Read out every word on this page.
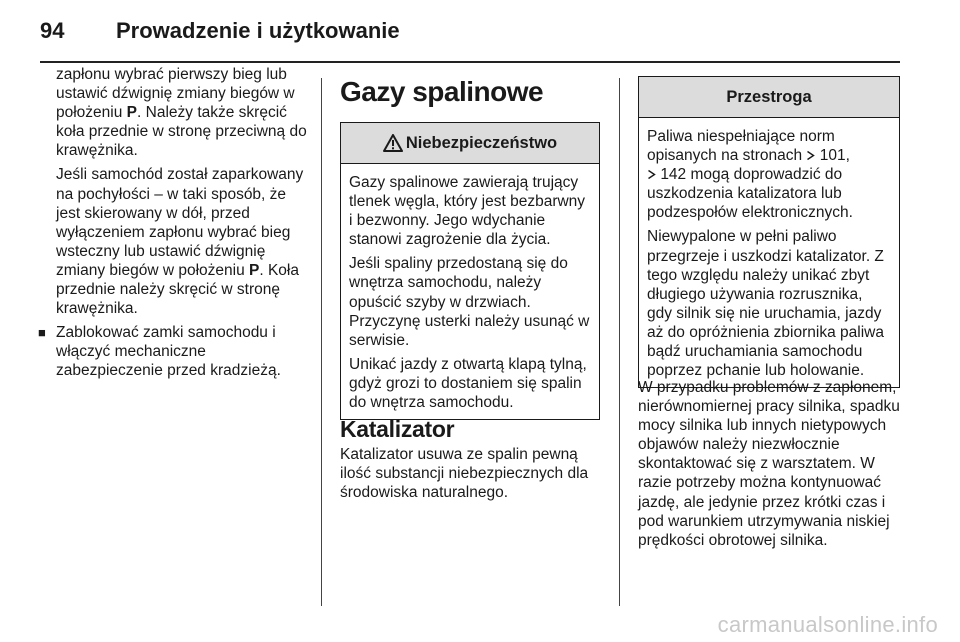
94 Prowadzenie i użytkowanie

zapłonu wybrać pierwszy bieg lub ustawić dźwignię zmiany biegów w położeniu P. Należy także skręcić koła przednie w stronę przeciwną do krawężnika.

Jeśli samochód został zaparkowany na pochyłości – w taki sposób, że jest skierowany w dół, przed wyłączeniem zapłonu wybrać bieg wsteczny lub ustawić dźwignię zmiany biegów w położeniu P. Koła przednie należy skręcić w stronę krawężnika.

■ Zablokować zamki samochodu i włączyć mechaniczne zabezpieczenie przed kradzieżą.

Gazy spalinowe
Niebezpieczeństwo

Gazy spalinowe zawierają trujący tlenek węgla, który jest bezbarwny i bezwonny. Jego wdychanie stanowi zagrożenie dla życia.

Jeśli spaliny przedostaną się do wnętrza samochodu, należy opuścić szyby w drzwiach. Przyczynę usterki należy usunąć w serwisie.

Unikać jazdy z otwartą klapą tylną, gdyż grozi to dostaniem się spalin do wnętrza samochodu.

Katalizator

Katalizator usuwa ze spalin pewną ilość substancji niebezpiecznych dla środowiska naturalnego.

Przestroga

Paliwa niespełniające norm opisanych na stronach  101,
142 mogą doprowadzić do uszkodzenia katalizatora lub podzespołów elektronicznych.

Niewypalone w pełni paliwo przegrzeje i uszkodzi katalizator. Z tego względu należy unikać zbyt długiego używania rozrusznika, gdy silnik się nie uruchamia, jazdy aż do opróżnienia zbiornika paliwa bądź uruchamiania samochodu poprzez pchanie lub holowanie.

W przypadku problemów z zapłonem, nierównomiernej pracy silnika, spadku mocy silnika lub innych nietypowych objawów należy niezwłocznie skontaktować się z warsztatem. W razie potrzeby można kontynuować jazdę, ale jedynie przez krótki czas i pod warunkiem utrzymywania niskiej prędkości obrotowej silnika.

carmanualsonline.info
